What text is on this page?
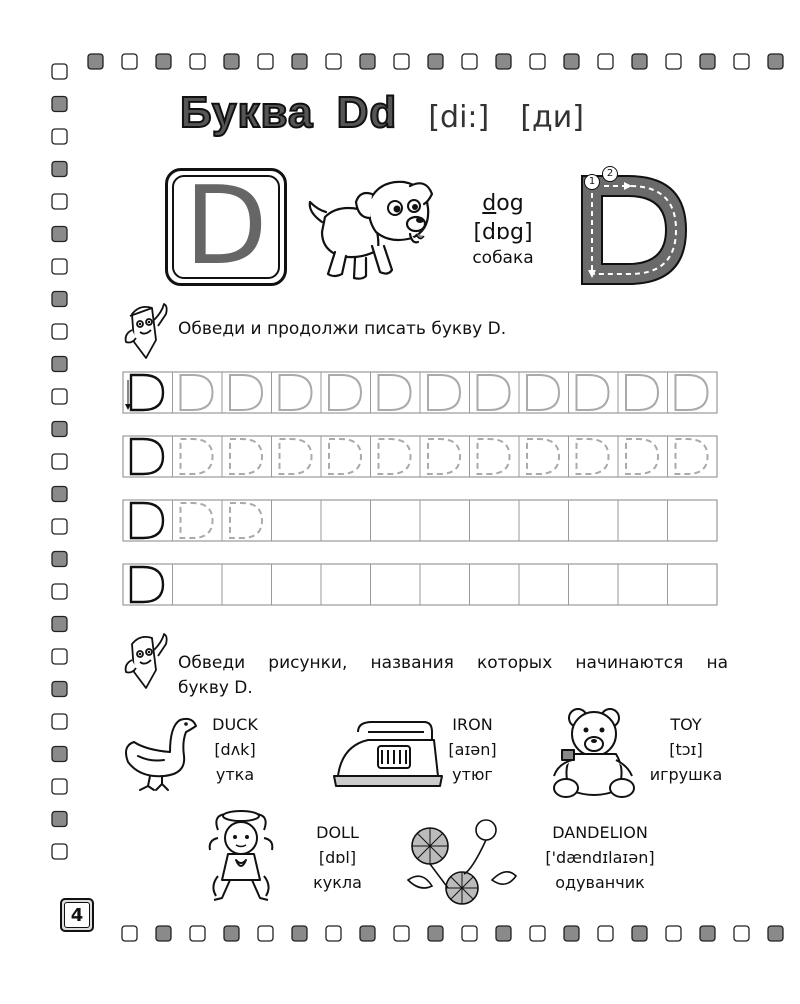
Буква Dd [di:] [ди]
D	dog
[dɒg]
собака
1
2
Обведи и продолжи писать букву D.
Обведи рисунки, названия которых начинаются на
букву D.
DUCK
[dʌk]
утка
IRON
[aɪən]
утюг
TOY
[tɔɪ]
игрушка
DOLL
[dɒl]
кукла
DANDELION
['dændɪlaɪən]
одуванчик
4
